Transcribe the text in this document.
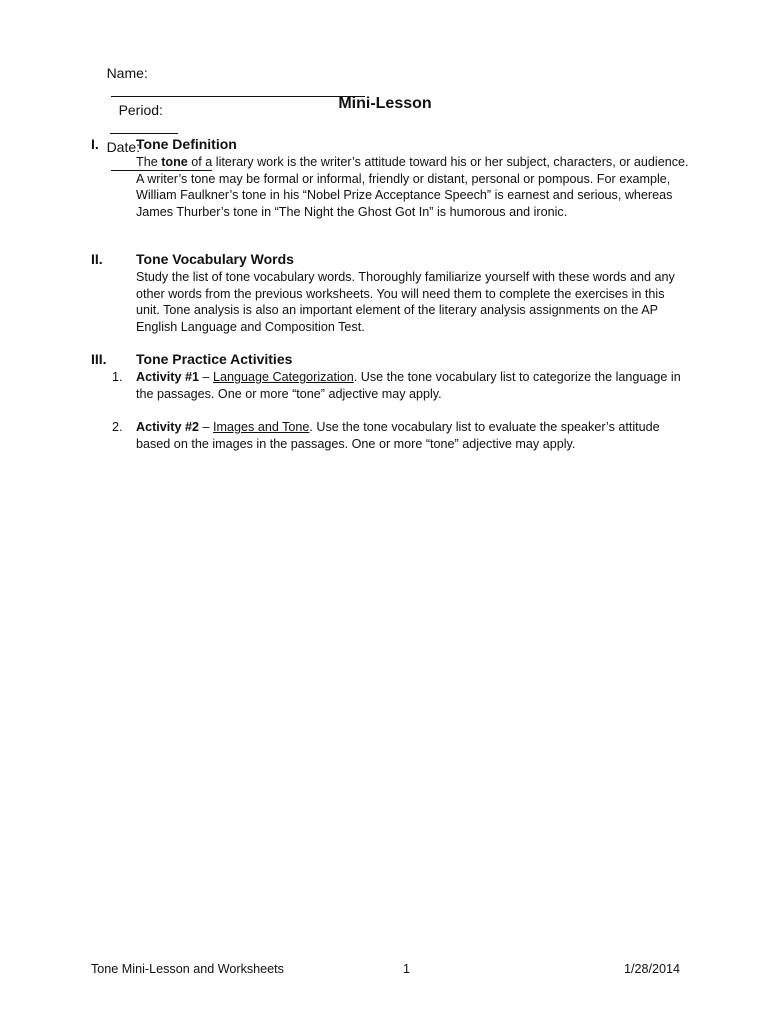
Name:

Period:

Date:

Mini-Lesson
I.	Tone Definition

The tone of a literary work is the writer’s attitude toward his or her subject, characters, or audience. A writer’s tone may be formal or informal, friendly or distant, personal or pompous. For example, William Faulkner’s tone in his “Nobel Prize Acceptance Speech” is earnest and serious, whereas James Thurber’s tone in “The Night the Ghost Got In” is humorous and ironic.

II. Tone Vocabulary Words

Study the list of tone vocabulary words. Thoroughly familiarize yourself with these words and any other words from the previous worksheets. You will need them to complete the exercises in this unit. Tone analysis is also an important element of the literary analysis assignments on the AP English Language and Composition Test.

III. Tone Practice Activities

1. Activity #1 – Language Categorization. Use the tone vocabulary list to categorize the language in the passages. One or more “tone” adjective may apply.
2. Activity #2 – Images and Tone. Use the tone vocabulary list to evaluate the speaker’s attitude based on the images in the passages. One or more “tone” adjective may apply.
Tone Mini-Lesson and Worksheets	1	1/28/2014
